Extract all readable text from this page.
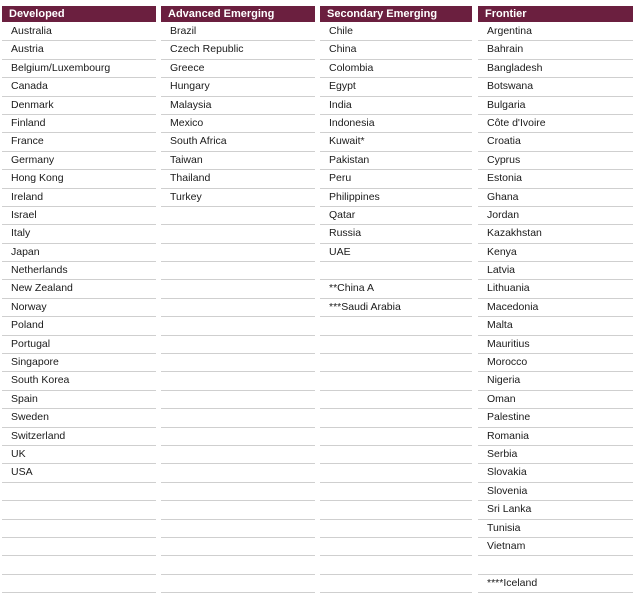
Developed
Australia
Austria
Belgium/Luxembourg
Canada
Denmark
Finland
France
Germany
Hong Kong
Ireland
Israel
Italy
Japan
Netherlands
New Zealand
Norway
Poland
Portugal
Singapore
South Korea
Spain
Sweden
Switzerland
UK
USA
Advanced Emerging
Brazil
Czech Republic
Greece
Hungary
Malaysia
Mexico
South Africa
Taiwan
Thailand
Turkey
Secondary Emerging
Chile
China
Colombia
Egypt
India
Indonesia
Kuwait*
Pakistan
Peru
Philippines
Qatar
Russia
UAE
**China A
***Saudi Arabia
Frontier
Argentina
Bahrain
Bangladesh
Botswana
Bulgaria
Côte d'Ivoire
Croatia
Cyprus
Estonia
Ghana
Jordan
Kazakhstan
Kenya
Latvia
Lithuania
Macedonia
Malta
Mauritius
Morocco
Nigeria
Oman
Palestine
Romania
Serbia
Slovakia
Slovenia
Sri Lanka
Tunisia
Vietnam
****Iceland
